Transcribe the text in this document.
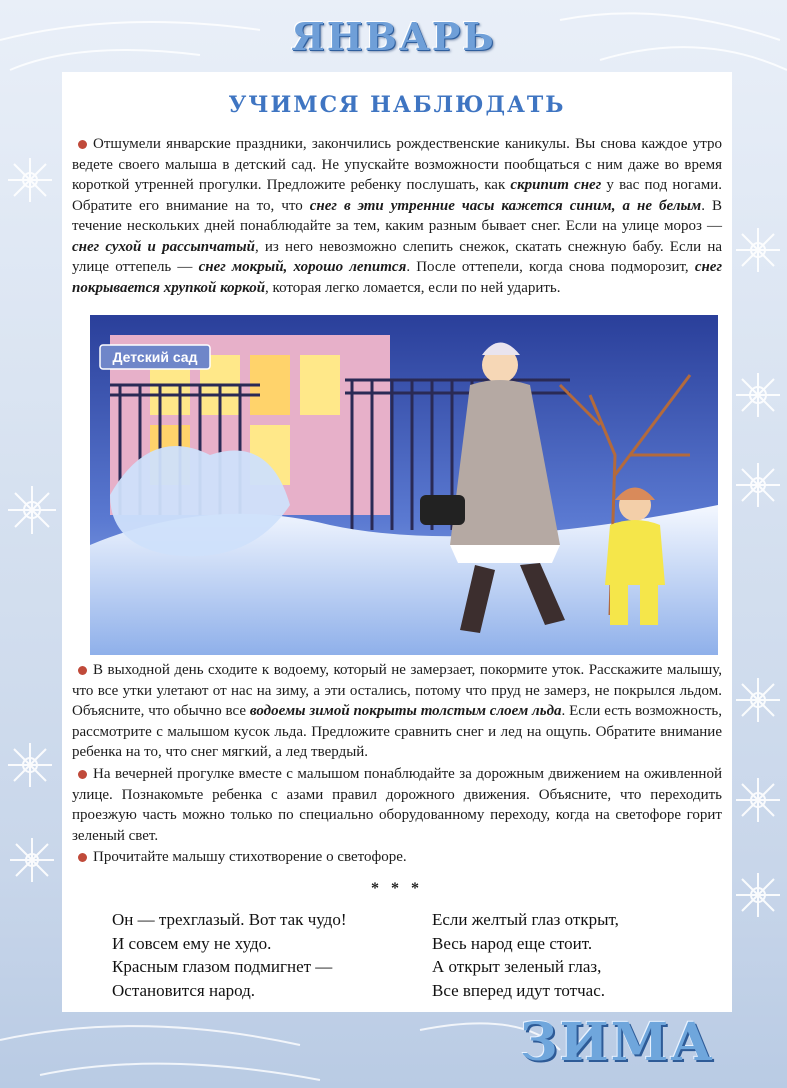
ЯНВАРЬ
УЧИМСЯ НАБЛЮДАТЬ
Отшумели январские праздники, закончились рождественские каникулы. Вы снова каждое утро ведете своего малыша в детский сад. Не упускайте возможности пообщаться с ним даже во время короткой утренней прогулки. Предложите ребенку послушать, как скрипит снег у вас под ногами. Обратите его внимание на то, что снег в эти утренние часы кажется синим, а не белым. В течение нескольких дней понаблюдайте за тем, каким разным бывает снег. Если на улице мороз — снег сухой и рассыпчатый, из него невозможно слепить снежок, скатать снежную бабу. Если на улице оттепель — снег мокрый, хорошо лепится. После оттепели, когда снова подморозит, снег покрывается хрупкой коркой, которая легко ломается, если по ней ударить.
Детский сад
В выходной день сходите к водоему, который не замерзает, покормите уток. Расскажите малышу, что все утки улетают от нас на зиму, а эти остались, потому что пруд не замерз, не покрылся льдом. Объясните, что обычно все водоемы зимой покрыты толстым слоем льда. Если есть возможность, рассмотрите с малышом кусок льда. Предложите сравнить снег и лед на ощупь. Обратите внимание ребенка на то, что снег мягкий, а лед твердый.
На вечерней прогулке вместе с малышом понаблюдайте за дорожным движением на оживленной улице. Познакомьте ребенка с азами правил дорожного движения. Объясните, что переходить проезжую часть можно только по специально оборудованному переходу, когда на светофоре горит зеленый свет.
Прочитайте малышу стихотворение о светофоре.
* * *
Он — трехглазый. Вот так чудо!
И совсем ему не худо.
Красным глазом подмигнет —
Остановится народ.
Если желтый глаз открыт,
Весь народ еще стоит.
А открыт зеленый глаз,
Все вперед идут тотчас.
ЗИМА
